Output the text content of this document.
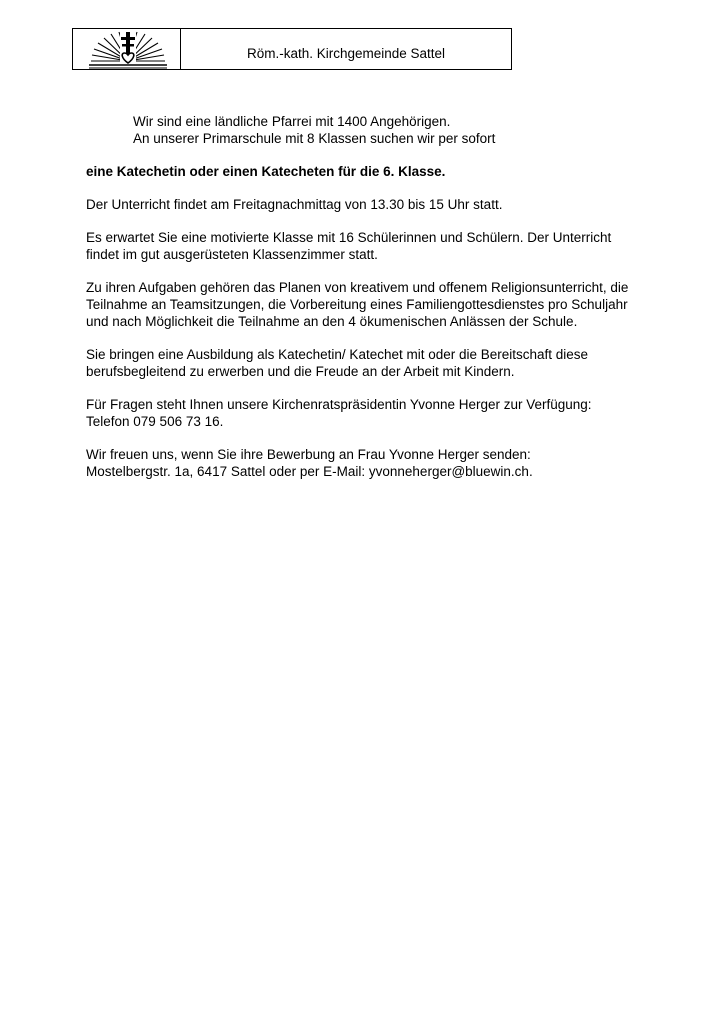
Röm.-kath. Kirchgemeinde Sattel

Wir sind eine ländliche Pfarrei mit 1400 Angehörigen.
An unserer Primarschule mit 8 Klassen suchen wir per sofort

eine Katechetin oder einen Katecheten für die 6. Klasse.

Der Unterricht findet am Freitagnachmittag von 13.30 bis 15 Uhr statt.

Es erwartet Sie eine motivierte Klasse mit 16 Schülerinnen und Schülern. Der Unterricht
findet im gut ausgerüsteten Klassenzimmer statt.

Zu ihren Aufgaben gehören das Planen von kreativem und offenem Religionsunterricht, die
Teilnahme an Teamsitzungen, die Vorbereitung eines Familiengottesdienstes pro Schuljahr
und nach Möglichkeit die Teilnahme an den 4 ökumenischen Anlässen der Schule.

Sie bringen eine Ausbildung als Katechetin/ Katechet mit oder die Bereitschaft diese
berufsbegleitend zu erwerben und die Freude an der Arbeit mit Kindern.

Für Fragen steht Ihnen unsere Kirchenratspräsidentin Yvonne Herger zur Verfügung:
Telefon 079 506 73 16.

Wir freuen uns, wenn Sie ihre Bewerbung an Frau Yvonne Herger senden:
Mostelbergstr. 1a, 6417 Sattel oder per E-Mail: yvonneherger@bluewin.ch.
